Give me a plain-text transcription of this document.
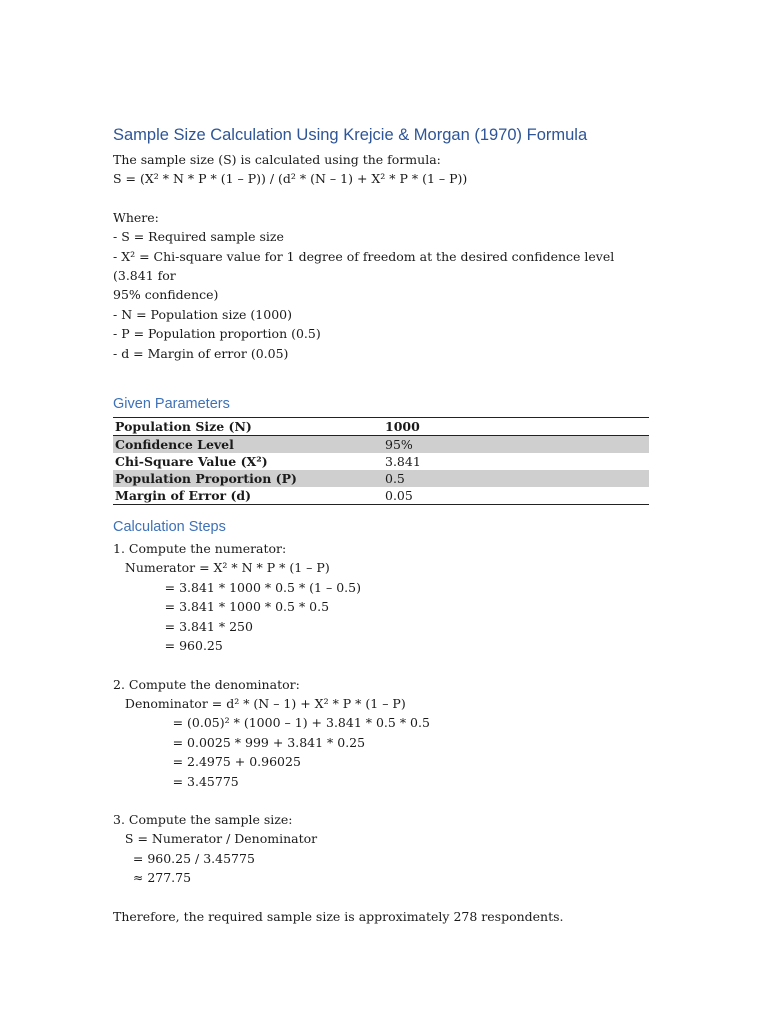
Sample Size Calculation Using Krejcie & Morgan (1970) Formula

The sample size (S) is calculated using the formula:

S = (X² * N * P * (1 – P)) / (d² * (N – 1) + X² * P * (1 – P))

Where:

- S = Required sample size

- X² = Chi-square value for 1 degree of freedom at the desired confidence level (3.841 for

95% confidence)

- N = Population size (1000)

- P = Population proportion (0.5)

- d = Margin of error (0.05)

Given Parameters
Population Size (N)	1000
Confidence Level	95%
Chi-Square Value (X²)	3.841
Population Proportion (P)	0.5
Margin of Error (d)	0.05
Calculation Steps

1. Compute the numerator:

Numerator = X² * N * P * (1 – P)

= 3.841 * 1000 * 0.5 * (1 – 0.5)

= 3.841 * 1000 * 0.5 * 0.5

= 3.841 * 250

= 960.25

2. Compute the denominator:

Denominator = d² * (N – 1) + X² * P * (1 – P)

= (0.05)² * (1000 – 1) + 3.841 * 0.5 * 0.5

= 0.0025 * 999 + 3.841 * 0.25

= 2.4975 + 0.96025

= 3.45775

3. Compute the sample size:

S = Numerator / Denominator

= 960.25 / 3.45775

≈ 277.75

Therefore, the required sample size is approximately 278 respondents.
